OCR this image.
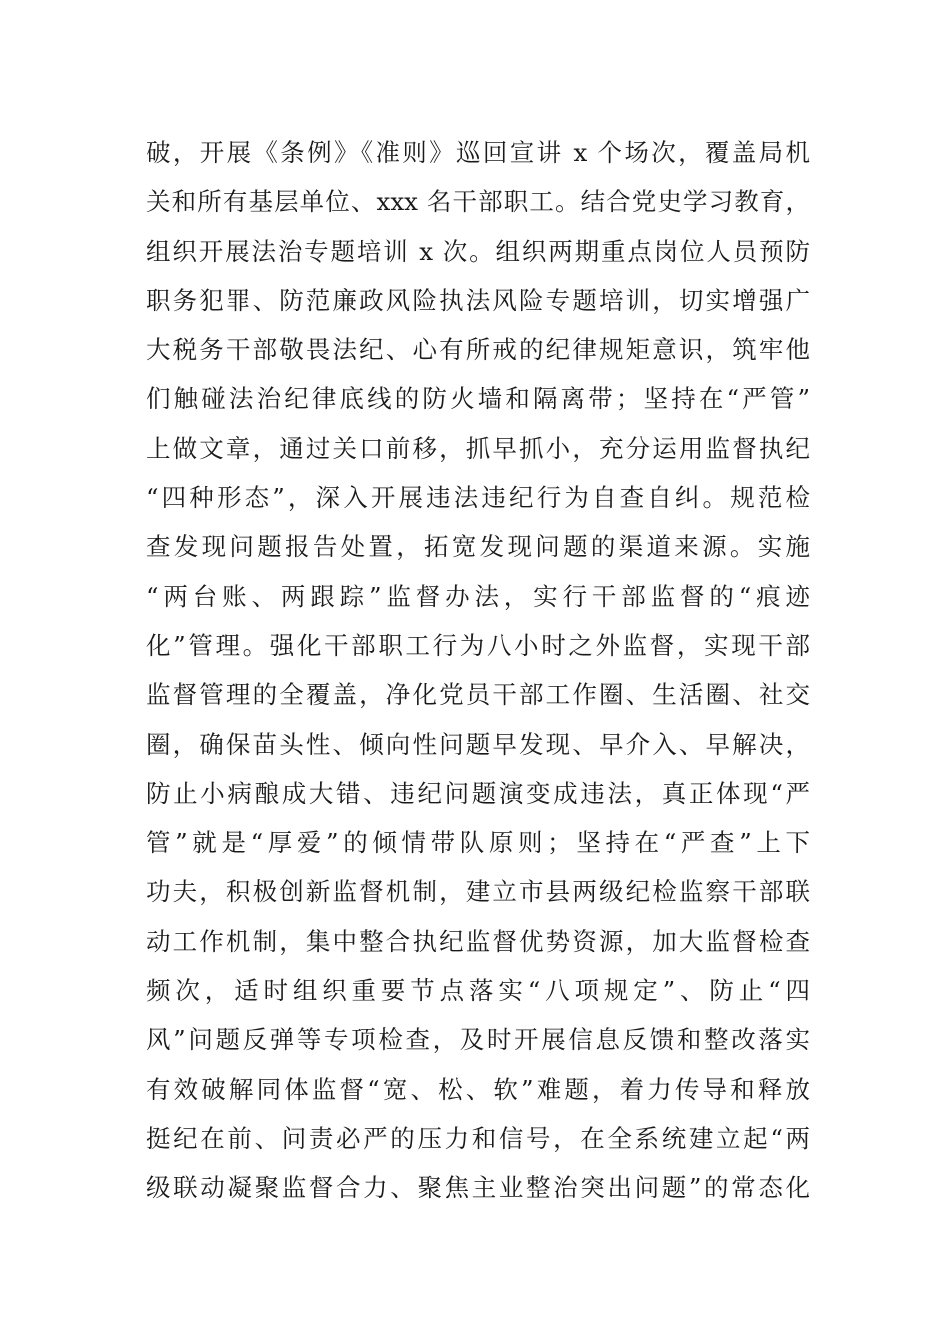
破，开展《条例》《准则》巡回宣讲 x 个场次，覆盖局机
关和所有基层单位、xxx 名干部职工。结合党史学习教育，
组织开展法治专题培训 x 次。组织两期重点岗位人员预防
职务犯罪、防范廉政风险执法风险专题培训，切实增强广
大税务干部敬畏法纪、心有所戒的纪律规矩意识，筑牢他
们触碰法治纪律底线的防火墙和隔离带；坚持在“严管”
上做文章，通过关口前移，抓早抓小，充分运用监督执纪
“四种形态”，深入开展违法违纪行为自查自纠。规范检
查发现问题报告处置，拓宽发现问题的渠道来源。实施
“两台账、两跟踪”监督办法，实行干部监督的“痕迹
化”管理。强化干部职工行为八小时之外监督，实现干部
监督管理的全覆盖，净化党员干部工作圈、生活圈、社交
圈，确保苗头性、倾向性问题早发现、早介入、早解决，
防止小病酿成大错、违纪问题演变成违法，真正体现“严
管”就是“厚爱”的倾情带队原则；坚持在“严查”上下
功夫，积极创新监督机制，建立市县两级纪检监察干部联
动工作机制，集中整合执纪监督优势资源，加大监督检查
频次，适时组织重要节点落实“八项规定”、防止“四
风”问题反弹等专项检查，及时开展信息反馈和整改落实
有效破解同体监督“宽、松、软”难题，着力传导和释放
挺纪在前、问责必严的压力和信号，在全系统建立起“两
级联动凝聚监督合力、聚焦主业整治突出问题”的常态化
